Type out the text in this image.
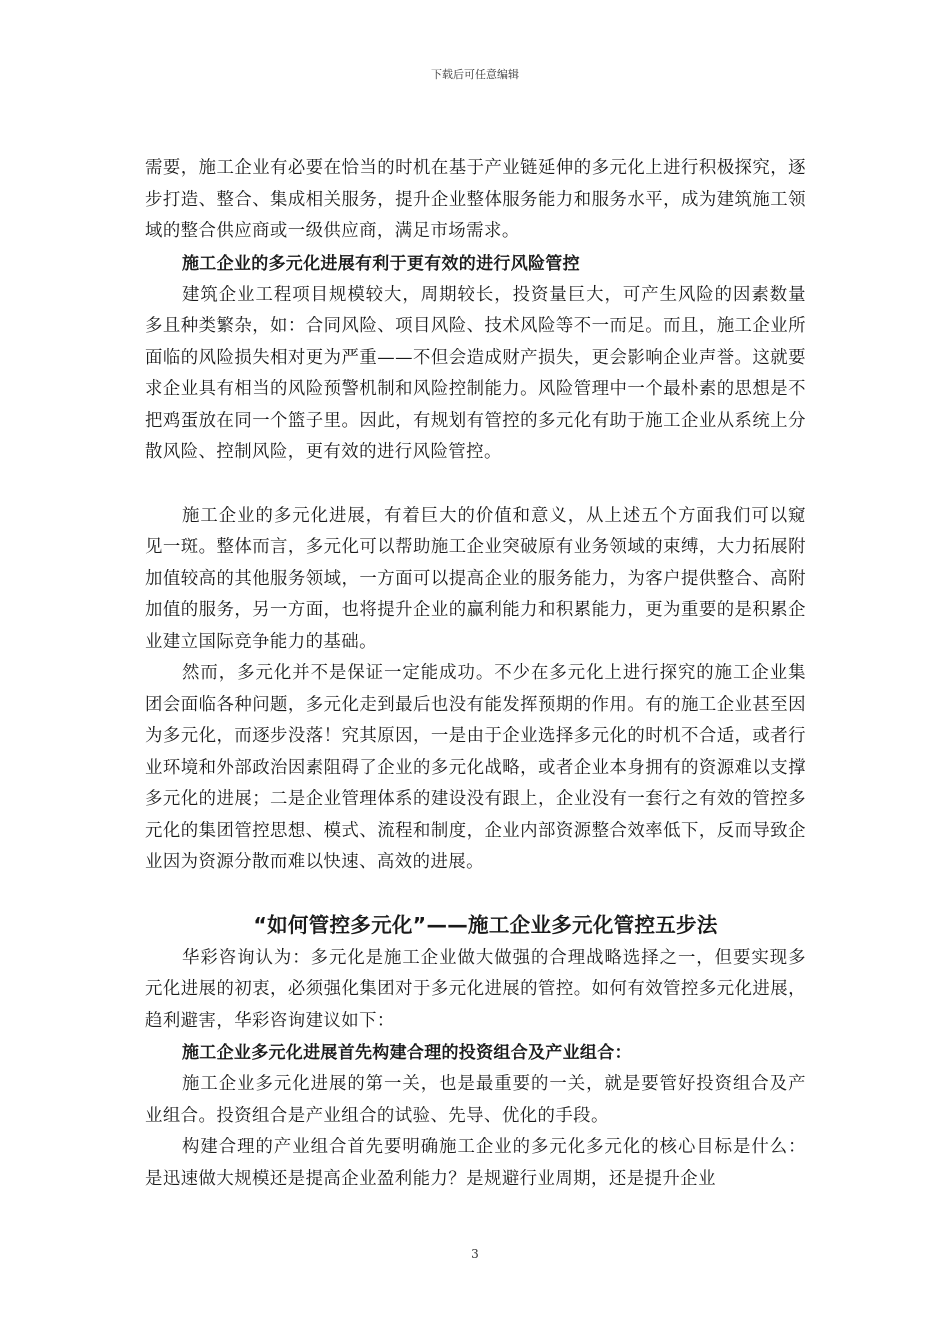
下载后可任意编辑

需要，施工企业有必要在恰当的时机在基于产业链延伸的多元化上进行积极探究，逐步打造、整合、集成相关服务，提升企业整体服务能力和服务水平，成为建筑施工领域的整合供应商或一级供应商，满足市场需求。

施工企业的多元化进展有利于更有效的进行风险管控

建筑企业工程项目规模较大，周期较长，投资量巨大，可产生风险的因素数量多且种类繁杂，如：合同风险、项目风险、技术风险等不一而足。而且，施工企业所面临的风险损失相对更为严重——不但会造成财产损失，更会影响企业声誉。这就要求企业具有相当的风险预警机制和风险控制能力。风险管理中一个最朴素的思想是不把鸡蛋放在同一个篮子里。因此，有规划有管控的多元化有助于施工企业从系统上分散风险、控制风险，更有效的进行风险管控。

施工企业的多元化进展，有着巨大的价值和意义，从上述五个方面我们可以窥见一斑。整体而言，多元化可以帮助施工企业突破原有业务领域的束缚，大力拓展附加值较高的其他服务领域，一方面可以提高企业的服务能力，为客户提供整合、高附加值的服务，另一方面，也将提升企业的赢利能力和积累能力，更为重要的是积累企业建立国际竞争能力的基础。

然而，多元化并不是保证一定能成功。不少在多元化上进行探究的施工企业集团会面临各种问题，多元化走到最后也没有能发挥预期的作用。有的施工企业甚至因为多元化，而逐步没落！究其原因，一是由于企业选择多元化的时机不合适，或者行业环境和外部政治因素阻碍了企业的多元化战略，或者企业本身拥有的资源难以支撑多元化的进展；二是企业管理体系的建设没有跟上，企业没有一套行之有效的管控多元化的集团管控思想、模式、流程和制度，企业内部资源整合效率低下，反而导致企业因为资源分散而难以快速、高效的进展。

“如何管控多元化”——施工企业多元化管控五步法

华彩咨询认为：多元化是施工企业做大做强的合理战略选择之一，但要实现多元化进展的初衷，必须强化集团对于多元化进展的管控。如何有效管控多元化进展，趋利避害，华彩咨询建议如下：

施工企业多元化进展首先构建合理的投资组合及产业组合：

施工企业多元化进展的第一关，也是最重要的一关，就是要管好投资组合及产业组合。投资组合是产业组合的试验、先导、优化的手段。

构建合理的产业组合首先要明确施工企业的多元化多元化的核心目标是什么：是迅速做大规模还是提高企业盈利能力？是规避行业周期，还是提升企业

3
